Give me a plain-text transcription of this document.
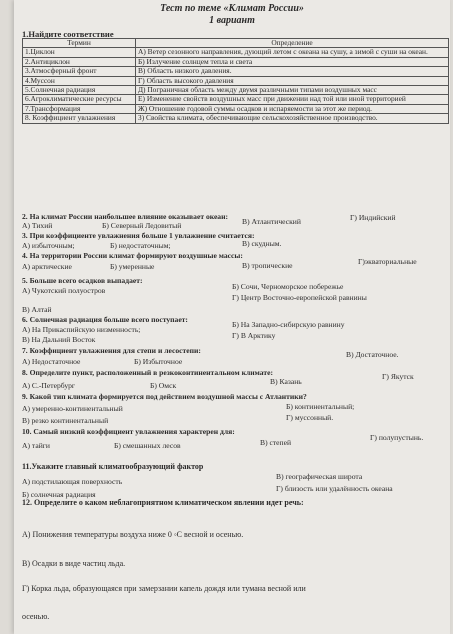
Тест по теме «Климат России»
1 вариант
1.Найдите соответствие
Термин	Определение
1.Циклон	А) Ветер сезонного направления, дующий летом с океана на сушу, а зимой с суши на океан.
2.Антициклон	Б) Излучение солнцем тепла и света
3.Атмосферный фронт	В) Область низкого давления.
4.Муссон	Г) Область высокого давления
5.Солнечная радиация	Д) Пограничная область между двумя различными типами воздушных масс
6.Агроклиматические ресурсы	Е) Изменение свойств воздушных масс при движении над той или иной территорией
7.Трансформация	Ж) Отношение годовой суммы осадков и испаряемости за этот же период.
8. Коэффициент увлажнения	З) Свойства климата, обеспечивающие сельскохозяйственное производство.
2. На климат России наибольшее влияние оказывает океан:
А) Тихий	Б) Северный Ледовитый	В) Атлантический	Г) Индийский
3. При коэффициенте увлажнения больше 1 увлажнение считается:
А) избыточным;	Б) недостаточным;	В) скудным.
4. На территории России климат формируют воздушные массы:
А) арктические	Б) умеренные	В) тропические	Г)экваториальные
5. Больше всего осадков выпадает:
А) Чукотский полуостров	Б) Сочи, Черноморское побережье
В) Алтай
Г) Центр Восточно-европейской равнины
6. Солнечная радиация больше всего поступает:
А) На Прикаспийскую низменность;
Б) На Западно-сибирскую равнину
В) На Дальний Восток	Г) В Арктику
7. Коэффициент увлажнения для степи и лесостепи:
А) Недостаточное	Б) Избыточное
В) Достаточное.
8. Определите пункт, расположенный в резкоконтинентальном климате:
А) С.-Петербург	Б) Омск	В) Казань
Г) Якутск
9. Какой тип климата формируется под действием воздушной массы с Атлантики?
А) умеренно-континентальный	Б) континентальный;
В) резко континентальный	Г) муссонный.
10. Самый низкий коэффициент увлажнения характерен для:
А) тайги	Б) смешанных лесов	В) степей
Г) полупустынь.
11.Укажите главный климатообразующий фактор
А) подстилающая поверхность
В) географическая широта
Б) солнечная радиация
Г) близость или удалённость океана
12. Определите о каком неблагоприятном климатическом явлении идет речь:
А) Понижения температуры воздуха ниже 0 ◦С весной и осенью.
В) Осадки в виде частиц льда.
Г) Корка льда, образующаяся при замерзании капель дождя или тумана весной или
осенью.
